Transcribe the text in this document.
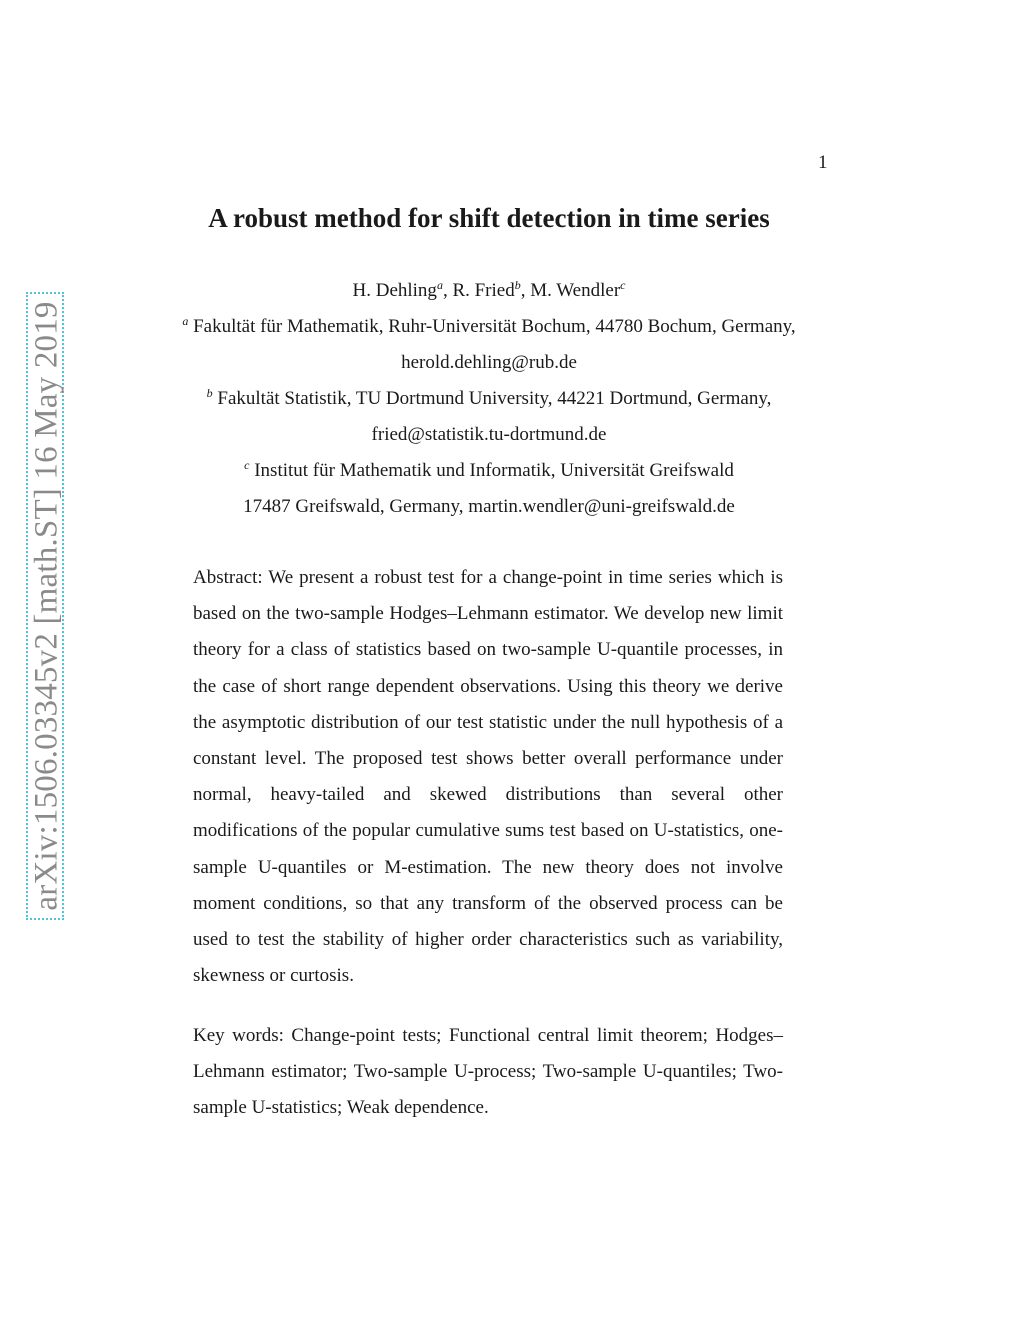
1
arXiv:1506.03345v2 [math.ST] 16 May 2019
A robust method for shift detection in time series
H. Dehling$^a$, R. Fried$^b$, M. Wendler$^c$
$^a$ Fakultät für Mathematik, Ruhr-Universität Bochum, 44780 Bochum, Germany,
herold.dehling@rub.de
$^b$ Fakultät Statistik, TU Dortmund University, 44221 Dortmund, Germany,
fried@statistik.tu-dortmund.de
$^c$ Institut für Mathematik und Informatik, Universität Greifswald
17487 Greifswald, Germany, martin.wendler@uni-greifswald.de
Abstract: We present a robust test for a change-point in time series which is based on the two-sample Hodges–Lehmann estimator. We develop new limit theory for a class of statistics based on two-sample U-quantile processes, in the case of short range dependent observations. Using this theory we derive the asymptotic distribution of our test statistic under the null hypothesis of a constant level. The proposed test shows better overall performance under normal, heavy-tailed and skewed distributions than several other modifications of the popular cumulative sums test based on U-statistics, one-sample U-quantiles or M-estimation. The new theory does not involve moment conditions, so that any transform of the observed process can be used to test the stability of higher order characteristics such as variability, skewness or curtosis.
Key words: Change-point tests; Functional central limit theorem; Hodges–Lehmann estimator; Two-sample U-process; Two-sample U-quantiles; Two-sample U-statistics; Weak dependence.
